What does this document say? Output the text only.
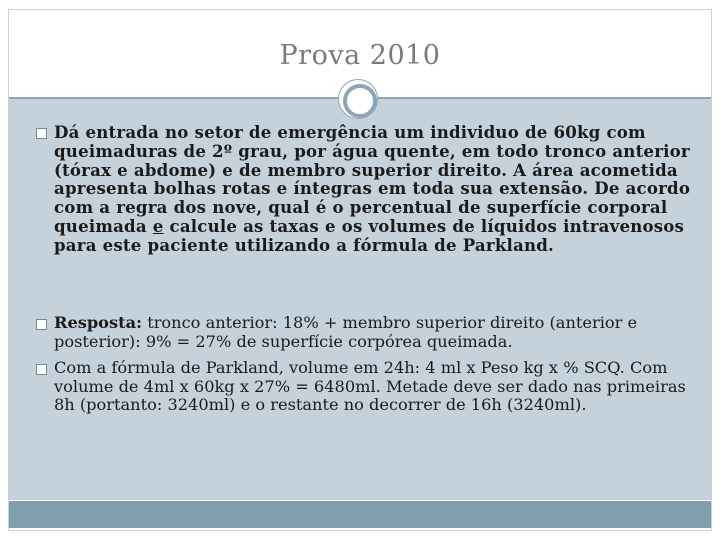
Prova 2010
Dá entrada no setor de emergência um individuo de 60kg com queimaduras de 2º grau, por água quente, em todo tronco anterior (tórax e abdome) e de membro superior direito. A área acometida apresenta bolhas rotas e íntegras em toda sua extensão. De acordo com a regra dos nove, qual é o percentual de superfície corporal queimada e calcule as taxas e os volumes de líquidos intravenosos para este paciente utilizando a fórmula de Parkland.
Resposta: tronco anterior: 18% + membro superior direito (anterior e posterior): 9% = 27% de superfície corpórea queimada.
Com a fórmula de Parkland, volume em 24h: 4 ml x Peso kg x % SCQ. Com volume de 4ml x 60kg x 27% = 6480ml. Metade deve ser dado nas primeiras 8h (portanto: 3240ml) e o restante no decorrer de 16h (3240ml).
